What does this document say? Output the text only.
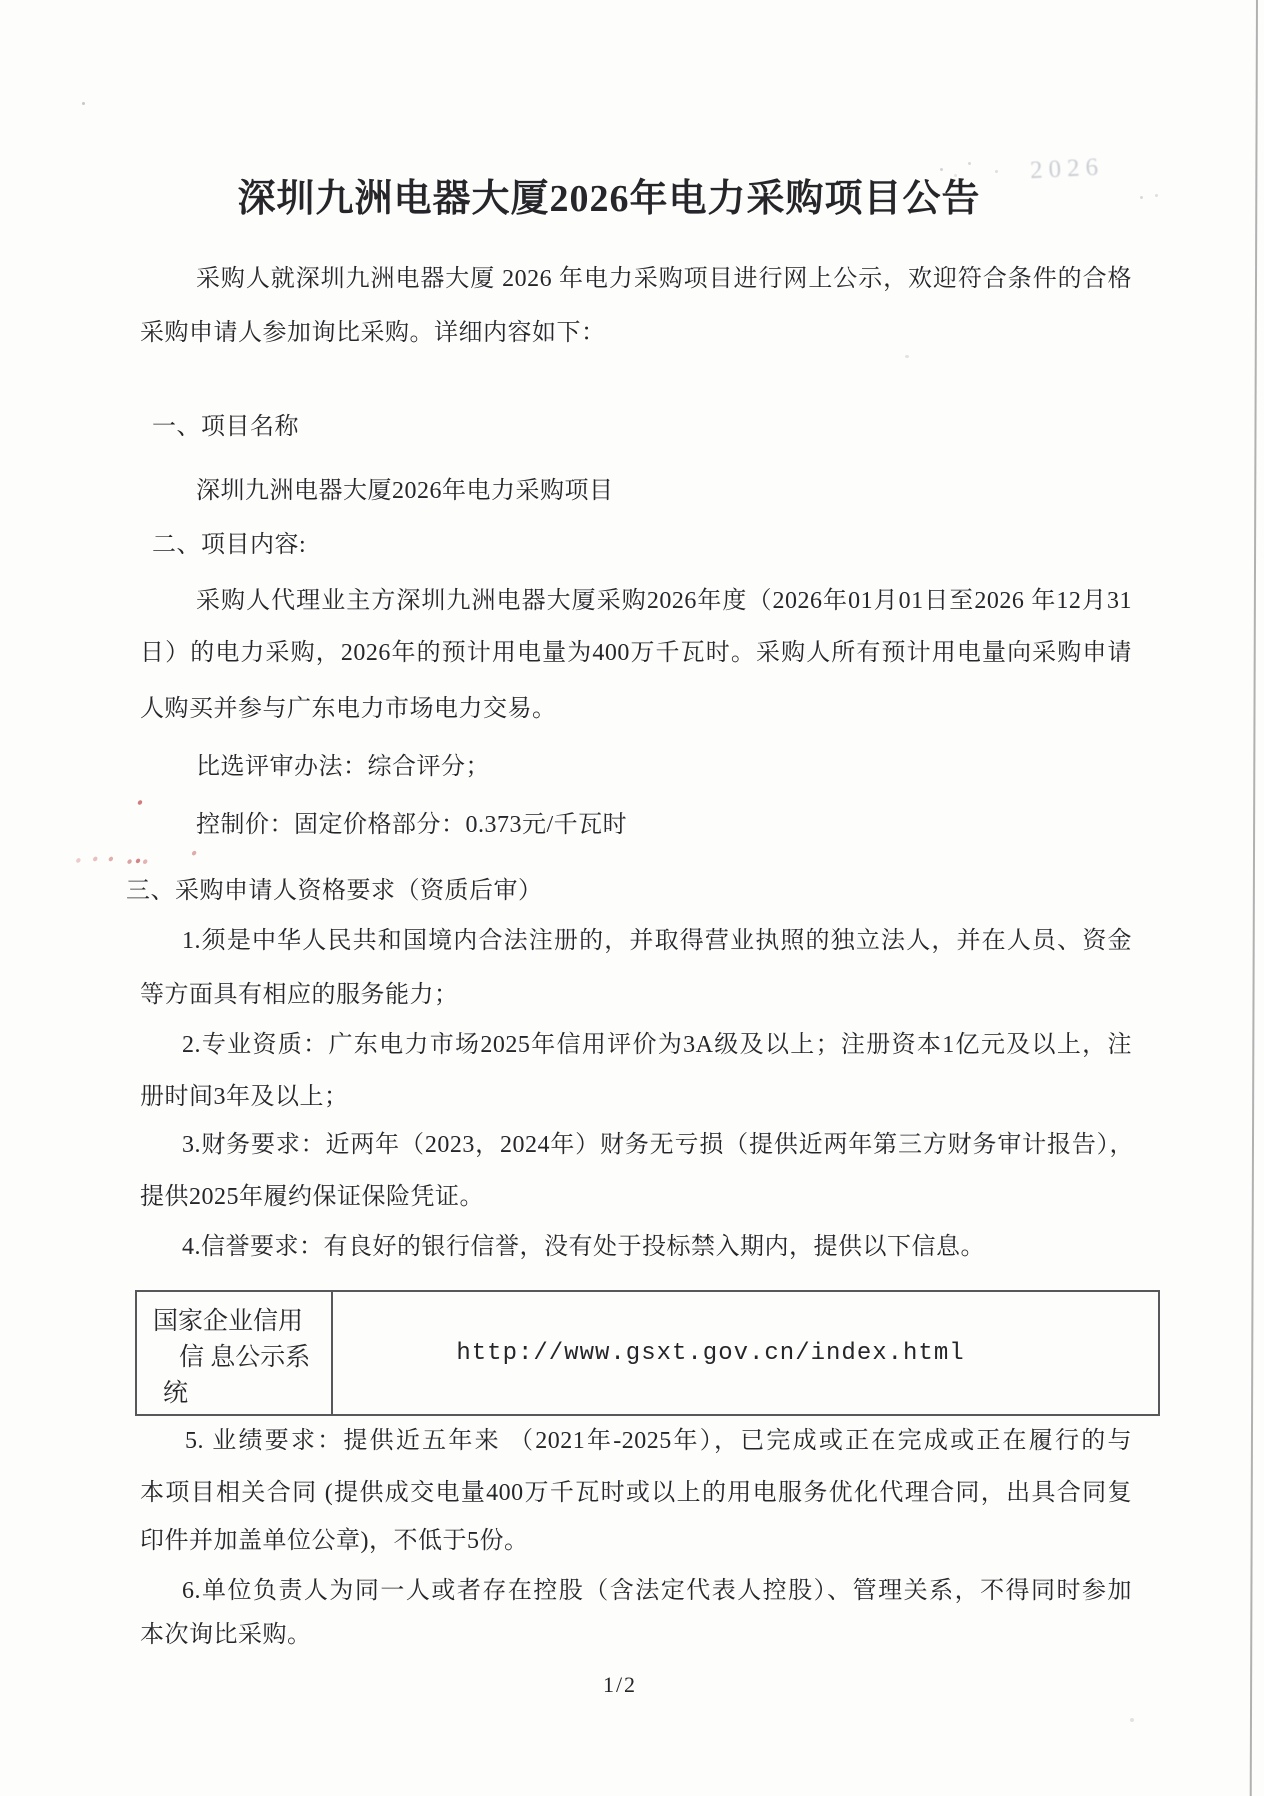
深圳九洲电器大厦2026年电力采购项目公告
2026
采购人就深圳九洲电器大厦 2026 年电力采购项目进行网上公示，欢迎符合条件的合格
采购申请人参加询比采购。详细内容如下：
一、项目名称
深圳九洲电器大厦2026年电力采购项目
二、项目内容:
采购人代理业主方深圳九洲电器大厦采购2026年度（2026年01月01日至2026 年12月31
日）的电力采购，2026年的预计用电量为400万千瓦时。采购人所有预计用电量向采购申请
人购买并参与广东电力市场电力交易。
比选评审办法：综合评分；
控制价：固定价格部分：0.373元/千瓦时
三、采购申请人资格要求（资质后审）
1.须是中华人民共和国境内合法注册的，并取得营业执照的独立法人，并在人员、资金
等方面具有相应的服务能力；
2.专业资质：广东电力市场2025年信用评价为3A级及以上；注册资本1亿元及以上，注
册时间3年及以上；
3.财务要求：近两年（2023，2024年）财务无亏损（提供近两年第三方财务审计报告），
提供2025年履约保证保险凭证。
4.信誉要求：有良好的银行信誉，没有处于投标禁入期内，提供以下信息。
国家企业信用
信 息公示系
统
http://www.gsxt.gov.cn/index.html
5. 业绩要求：提供近五年来 （2021年-2025年），已完成或正在完成或正在履行的与
本项目相关合同 (提供成交电量400万千瓦时或以上的用电服务优化代理合同，出具合同复
印件并加盖单位公章)，不低于5份。
6.单位负责人为同一人或者存在控股（含法定代表人控股）、管理关系，不得同时参加
本次询比采购。
1/2
